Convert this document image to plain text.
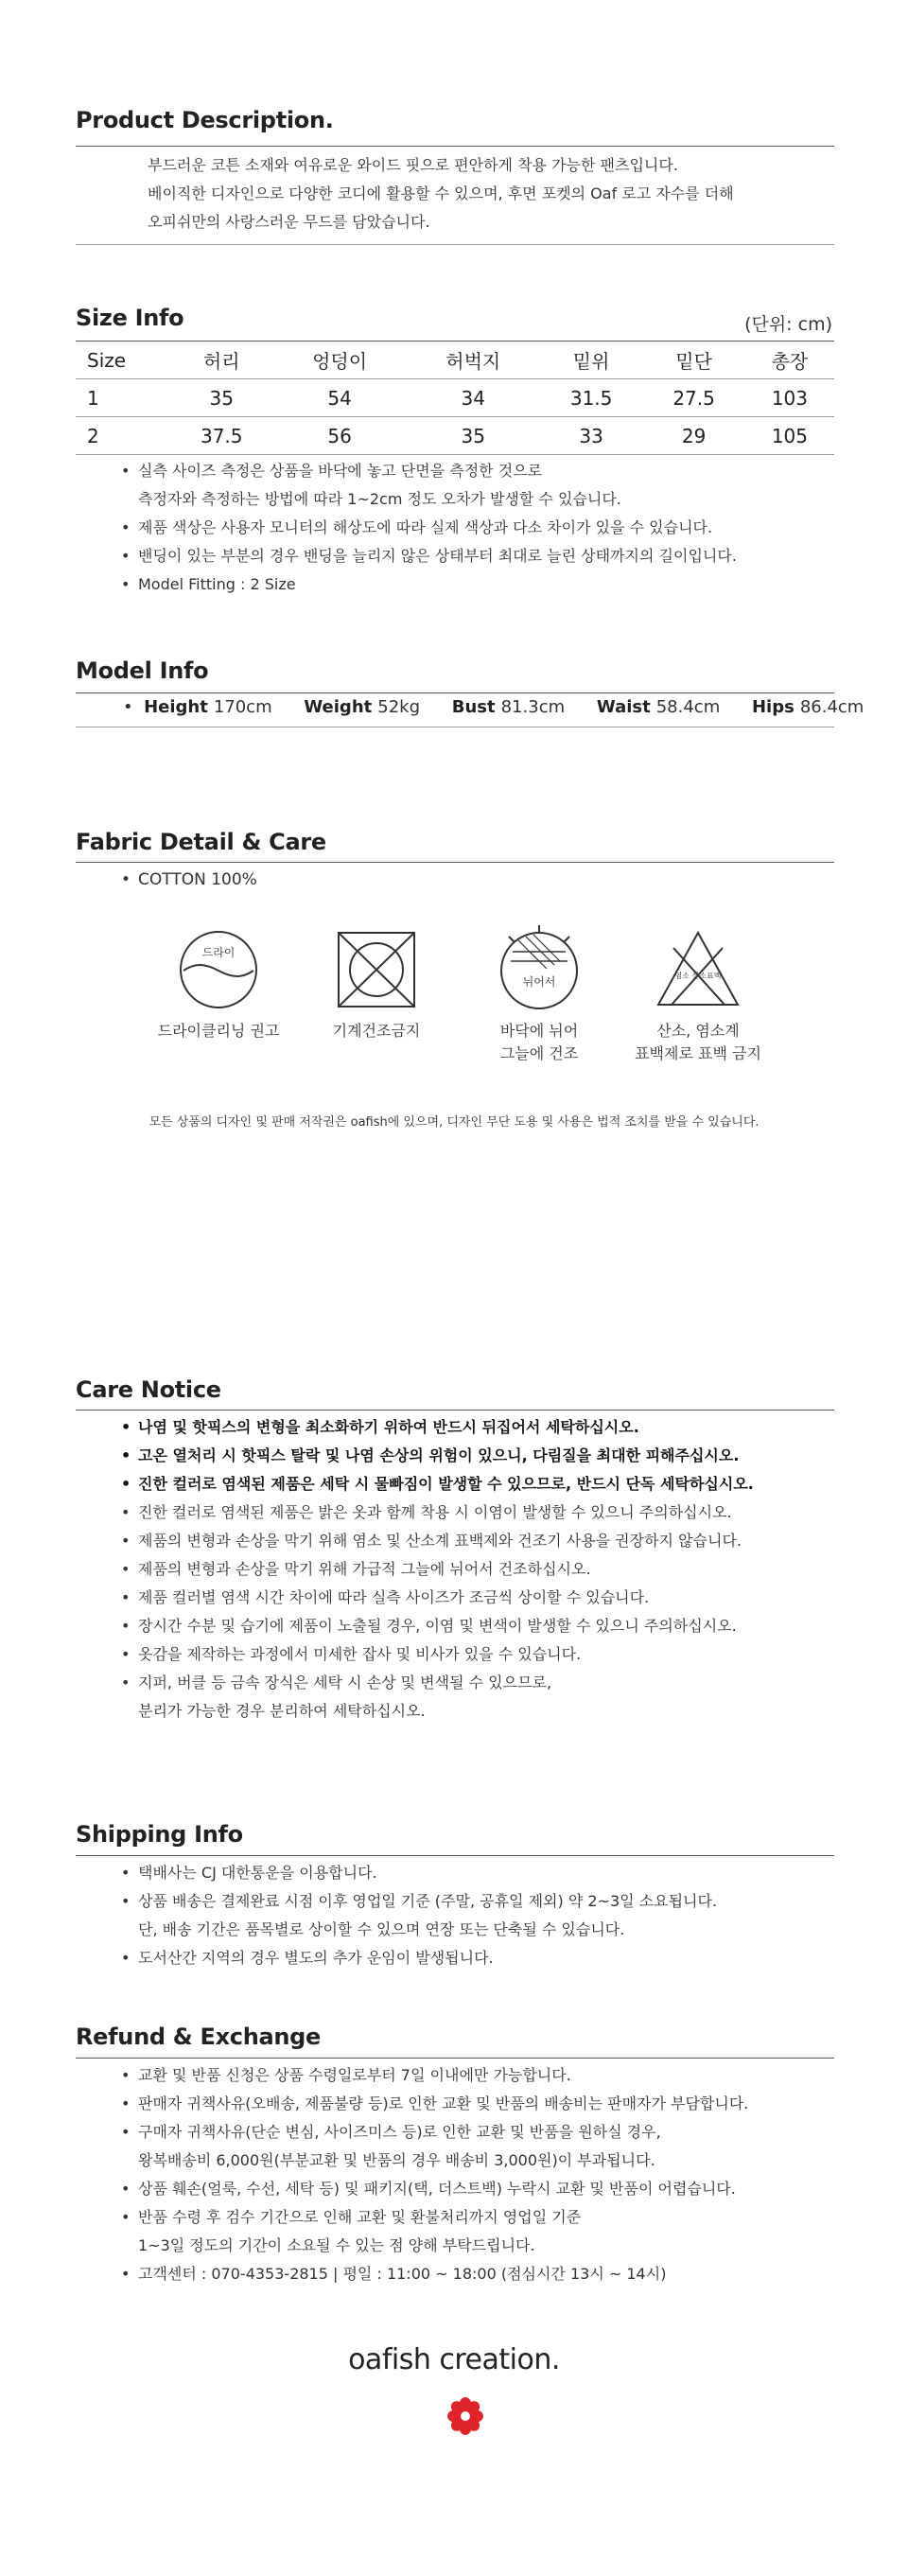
Product Description.
부드러운 코튼 소재와 여유로운 와이드 핏으로 편안하게 착용 가능한 팬츠입니다.
베이직한 디자인으로 다양한 코디에 활용할 수 있으며, 후면 포켓의 Oaf 로고 자수를 더해
오피쉬만의 사랑스러운 무드를 담았습니다.
Size Info	(단위: cm)
Size	허리	엉덩이	허벅지	밑위	밑단	총장
1	35	54	34	31.5	27.5	103
2	37.5	56	35	33	29	105
• 실측 사이즈 측정은 상품을 바닥에 놓고 단면을 측정한 것으로
측정자와 측정하는 방법에 따라 1~2cm 정도 오차가 발생할 수 있습니다.
• 제품 색상은 사용자 모니터의 해상도에 따라 실제 색상과 다소 차이가 있을 수 있습니다.
• 밴딩이 있는 부분의 경우 밴딩을 늘리지 않은 상태부터 최대로 늘린 상태까지의 길이입니다.
• Model Fitting : 2 Size
Model Info
•  Height 170cm Weight 52kg Bust 81.3cm Waist 58.4cm Hips 86.4cm
Fabric Detail & Care
• COTTON 100%
드라이
드라이클리닝 권고	기계건조금지
뉘어서
바닥에 뉘어
그늘에 건조
염소 산소표백
산소, 염소계
표백제로 표백 금지
모든 상품의 디자인 및 판매 저작권은 oafish에 있으며, 디자인 무단 도용 및 사용은 법적 조치를 받을 수 있습니다.
Care Notice
• 나염 및 핫픽스의 변형을 최소화하기 위하여 반드시 뒤집어서 세탁하십시오.
• 고온 열처리 시 핫픽스 탈락 및 나염 손상의 위험이 있으니, 다림질을 최대한 피해주십시오.
• 진한 컬러로 염색된 제품은 세탁 시 물빠짐이 발생할 수 있으므로, 반드시 단독 세탁하십시오.
• 진한 컬러로 염색된 제품은 밝은 옷과 함께 착용 시 이염이 발생할 수 있으니 주의하십시오.
• 제품의 변형과 손상을 막기 위해 염소 및 산소계 표백제와 건조기 사용을 권장하지 않습니다.
• 제품의 변형과 손상을 막기 위해 가급적 그늘에 뉘어서 건조하십시오.
• 제품 컬러별 염색 시간 차이에 따라 실측 사이즈가 조금씩 상이할 수 있습니다.
• 장시간 수분 및 습기에 제품이 노출될 경우, 이염 및 변색이 발생할 수 있으니 주의하십시오.
• 옷감을 제작하는 과정에서 미세한 잡사 및 비사가 있을 수 있습니다.
• 지퍼, 버클 등 금속 장식은 세탁 시 손상 및 변색될 수 있으므로,
분리가 가능한 경우 분리하여 세탁하십시오.
Shipping Info
• 택배사는 CJ 대한통운을 이용합니다.
• 상품 배송은 결제완료 시점 이후 영업일 기준 (주말, 공휴일 제외) 약 2~3일 소요됩니다.
단, 배송 기간은 품목별로 상이할 수 있으며 연장 또는 단축될 수 있습니다.
• 도서산간 지역의 경우 별도의 추가 운임이 발생됩니다.
Refund & Exchange
• 교환 및 반품 신청은 상품 수령일로부터 7일 이내에만 가능합니다.
• 판매자 귀책사유(오배송, 제품불량 등)로 인한 교환 및 반품의 배송비는 판매자가 부담합니다.
• 구매자 귀책사유(단순 변심, 사이즈미스 등)로 인한 교환 및 반품을 원하실 경우,
왕복배송비 6,000원(부분교환 및 반품의 경우 배송비 3,000원)이 부과됩니다.
• 상품 훼손(얼룩, 수선, 세탁 등) 및 패키지(택, 더스트백) 누락시 교환 및 반품이 어렵습니다.
• 반품 수령 후 검수 기간으로 인해 교환 및 환불처리까지 영업일 기준
1~3일 정도의 기간이 소요될 수 있는 점 양해 부탁드립니다.
• 고객센터 : 070-4353-2815 | 평일 : 11:00 ~ 18:00 (점심시간 13시 ~ 14시)
oafish creation.
